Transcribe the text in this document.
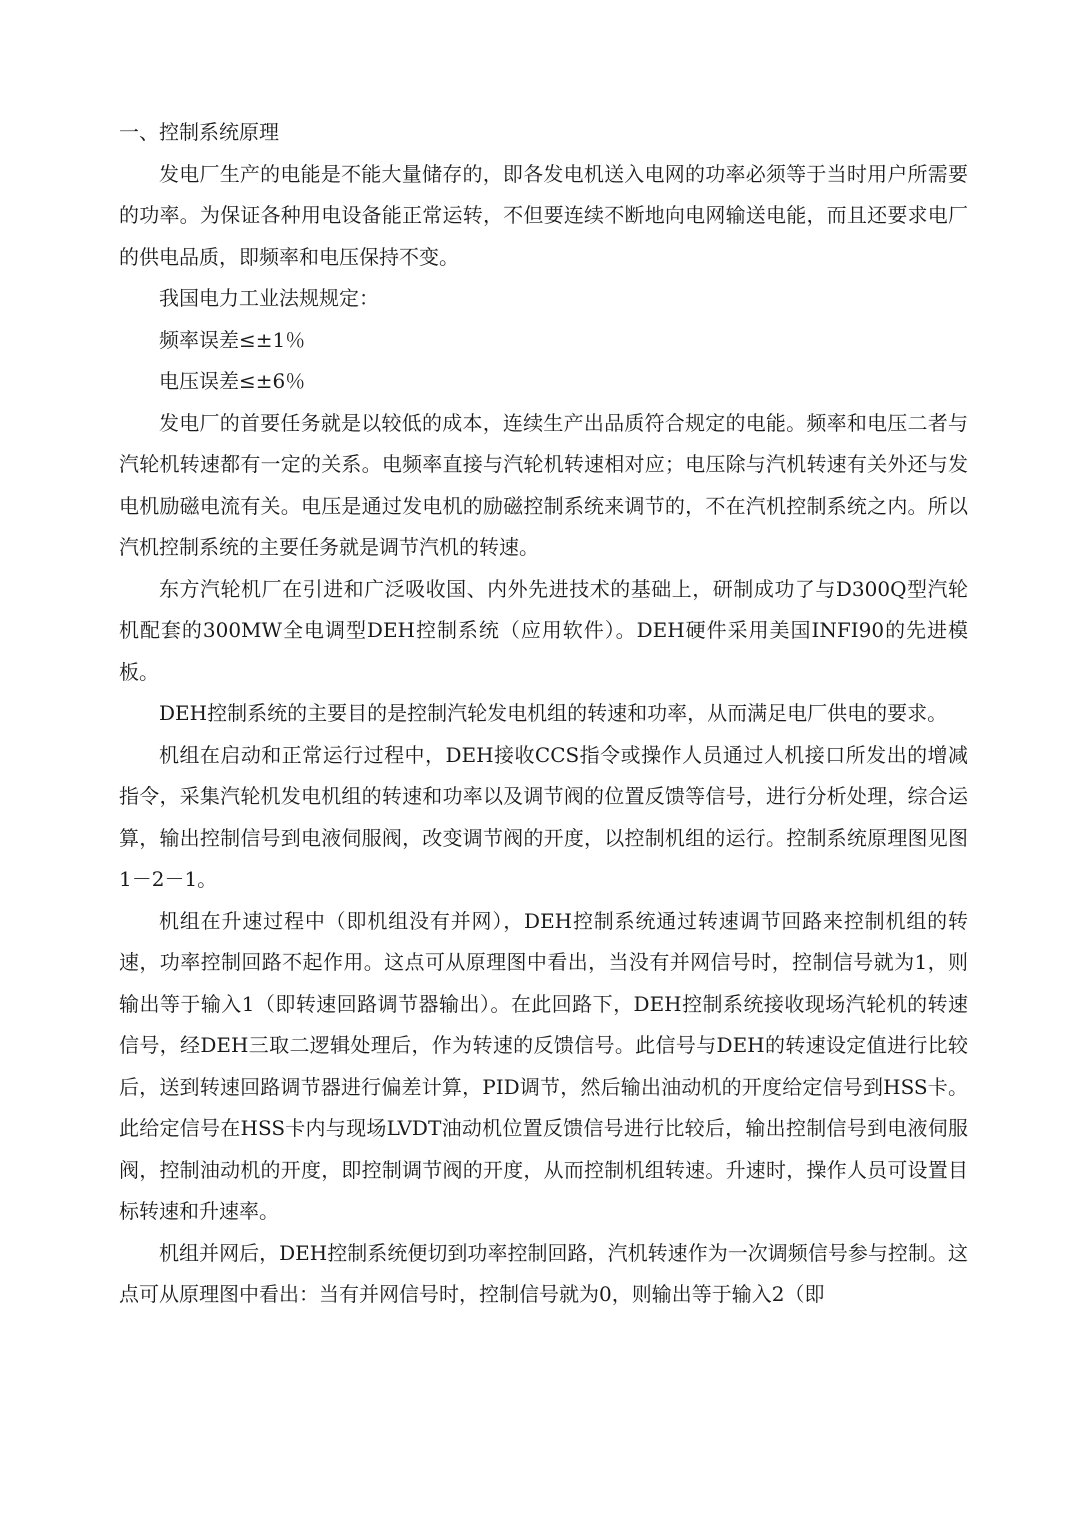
一、控制系统原理

发电厂生产的电能是不能大量储存的，即各发电机送入电网的功率必须等于当时用户所需要的功率。为保证各种用电设备能正常运转，不但要连续不断地向电网输送电能，而且还要求电厂的供电品质，即频率和电压保持不变。

我国电力工业法规规定：

频率误差≤±1％

电压误差≤±6％

发电厂的首要任务就是以较低的成本，连续生产出品质符合规定的电能。频率和电压二者与汽轮机转速都有一定的关系。电频率直接与汽轮机转速相对应；电压除与汽机转速有关外还与发电机励磁电流有关。电压是通过发电机的励磁控制系统来调节的，不在汽机控制系统之内。所以汽机控制系统的主要任务就是调节汽机的转速。

东方汽轮机厂在引进和广泛吸收国、内外先进技术的基础上，研制成功了与D300Q型汽轮机配套的300MW全电调型DEH控制系统（应用软件）。DEH硬件采用美国INFI90的先进模板。

DEH控制系统的主要目的是控制汽轮发电机组的转速和功率，从而满足电厂供电的要求。

机组在启动和正常运行过程中，DEH接收CCS指令或操作人员通过人机接口所发出的增减指令，采集汽轮机发电机组的转速和功率以及调节阀的位置反馈等信号，进行分析处理，综合运算，输出控制信号到电液伺服阀，改变调节阀的开度，以控制机组的运行。控制系统原理图见图1－2－1。

机组在升速过程中（即机组没有并网），DEH控制系统通过转速调节回路来控制机组的转速，功率控制回路不起作用。这点可从原理图中看出，当没有并网信号时，控制信号就为1，则输出等于输入1（即转速回路调节器输出）。在此回路下，DEH控制系统接收现场汽轮机的转速信号，经DEH三取二逻辑处理后，作为转速的反馈信号。此信号与DEH的转速设定值进行比较后，送到转速回路调节器进行偏差计算，PID调节，然后输出油动机的开度给定信号到HSS卡。此给定信号在HSS卡内与现场LVDT油动机位置反馈信号进行比较后，输出控制信号到电液伺服阀，控制油动机的开度，即控制调节阀的开度，从而控制机组转速。升速时，操作人员可设置目标转速和升速率。

机组并网后，DEH控制系统便切到功率控制回路，汽机转速作为一次调频信号参与控制。这点可从原理图中看出：当有并网信号时，控制信号就为0，则输出等于输入2（即
